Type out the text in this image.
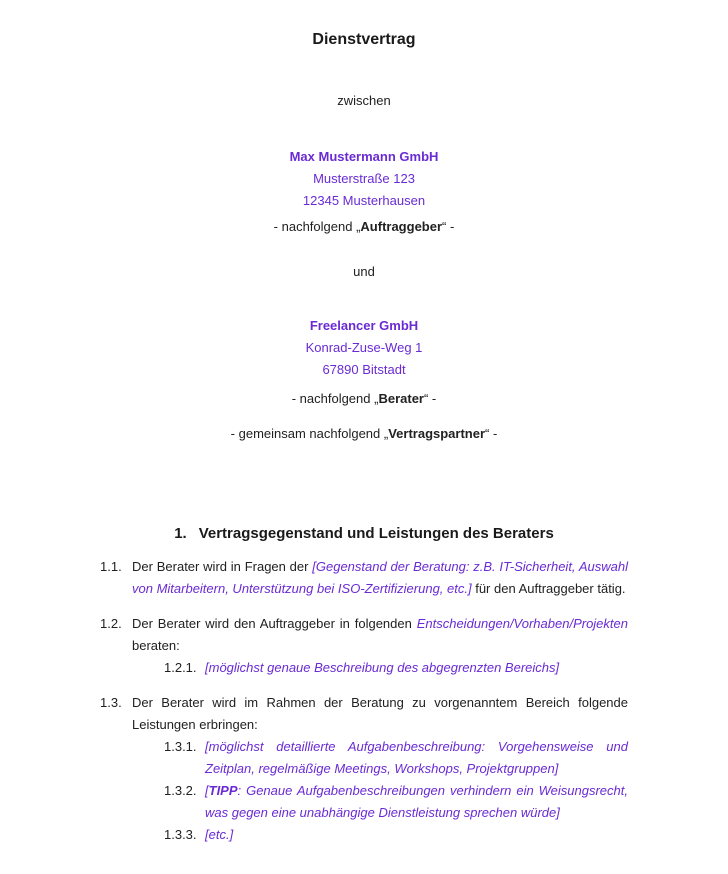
Dienstvertrag

zwischen

Max Mustermann GmbH

Musterstraße 123

12345 Musterhausen

- nachfolgend „Auftraggeber“ -

und

Freelancer GmbH

Konrad-Zuse-Weg 1

67890 Bitstadt

- nachfolgend „Berater“ -

- gemeinsam nachfolgend „Vertragspartner“ -

1. Vertragsgegenstand und Leistungen des Beraters
1.1. Der Berater wird in Fragen der [Gegenstand der Beratung: z.B. IT-Sicherheit, Auswahl von Mitarbeitern, Unterstützung bei ISO-Zertifizierung, etc.] für den Auftraggeber tätig.

1.2. Der Berater wird den Auftraggeber in folgenden Entscheidungen/Vorhaben/Projekten beraten:

1.2.1. [möglichst genaue Beschreibung des abgegrenzten Bereichs]

1.3. Der Berater wird im Rahmen der Beratung zu vorgenanntem Bereich folgende Leistungen erbringen:

1.3.1. [möglichst detaillierte Aufgabenbeschreibung: Vorgehensweise und Zeitplan, regelmäßige Meetings, Workshops, Projektgruppen]

1.3.2. [TIPP: Genaue Aufgabenbeschreibungen verhindern ein Weisungsrecht, was gegen eine unabhängige Dienstleistung sprechen würde]

1.3.3. [etc.]
